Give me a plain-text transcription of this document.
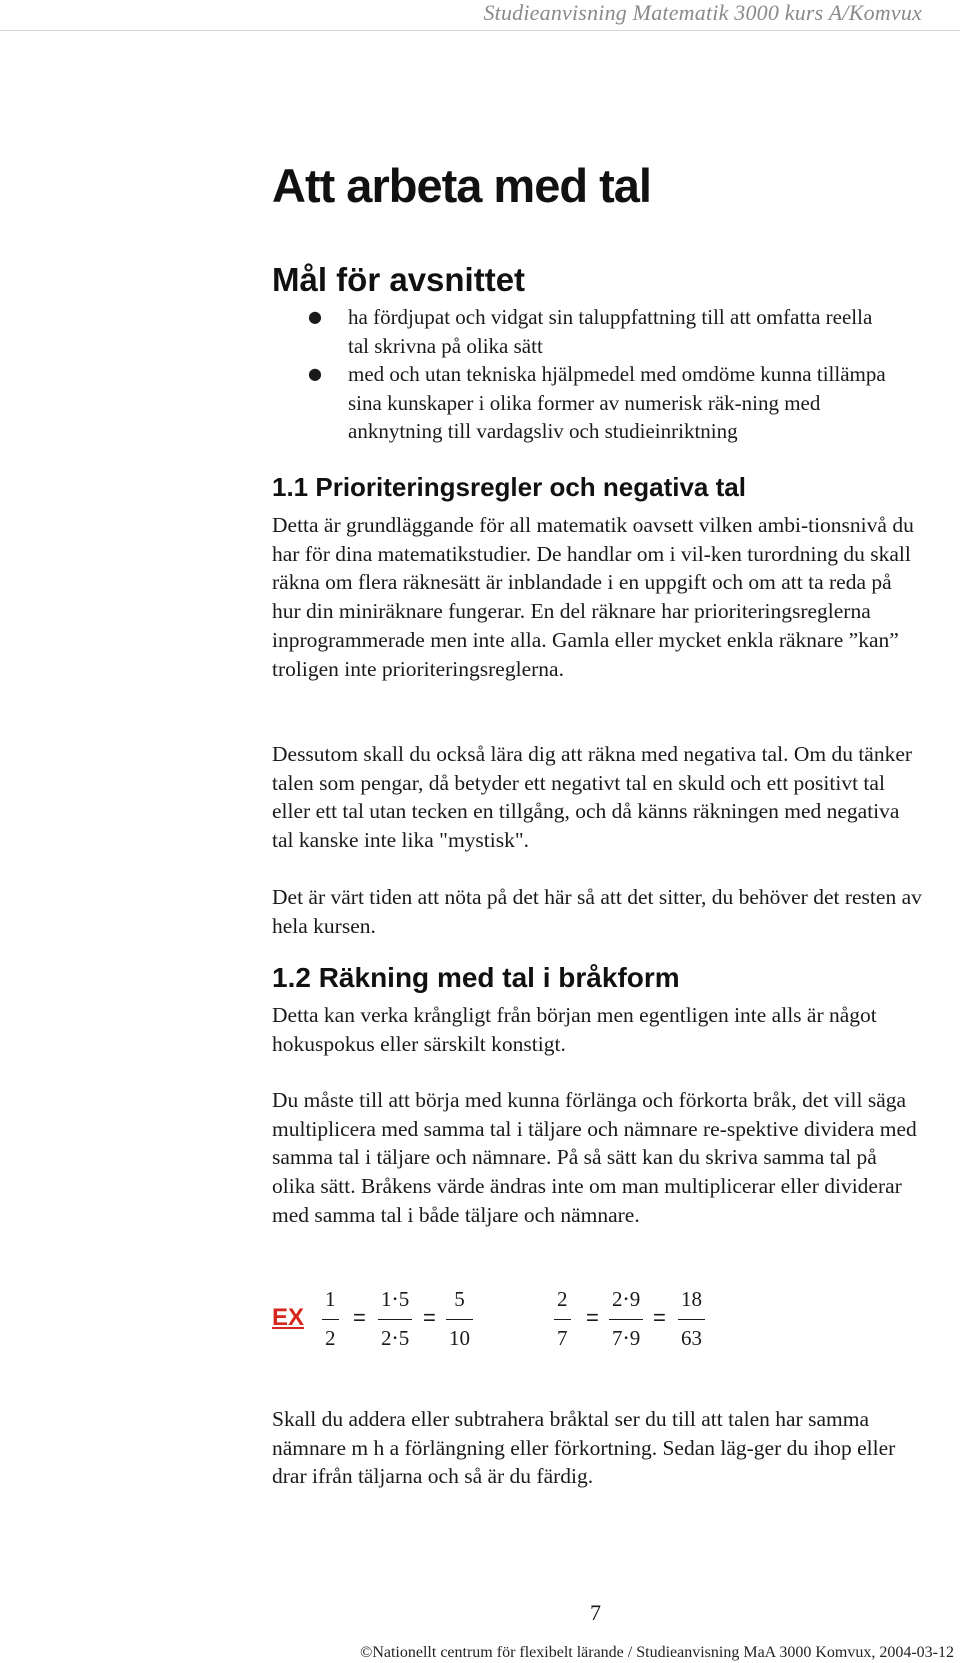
Studieanvisning Matematik 3000 kurs A/Komvux
Att arbeta med tal
Mål för avsnittet
● ha fördjupat och vidgat sin taluppfattning till att omfatta reella tal skrivna på olika sätt
● med och utan tekniska hjälpmedel med omdöme kunna tillämpa sina kunskaper i olika former av numerisk räk-ning med anknytning till vardagsliv och studieinriktning
1.1 Prioriteringsregler och negativa tal

Detta är grundläggande för all matematik oavsett vilken ambi-tionsnivå du har för dina matematikstudier. De handlar om i vil-ken turordning du skall räkna om flera räknesätt är inblandade i en uppgift och om att ta reda på hur din miniräknare fungerar. En del räknare har prioriteringsreglerna inprogrammerade men inte alla. Gamla eller mycket enkla räknare ”kan” troligen inte prioriteringsreglerna.

Dessutom skall du också lära dig att räkna med negativa tal. Om du tänker talen som pengar, då betyder ett negativt tal en skuld och ett positivt tal eller ett tal utan tecken en tillgång, och då känns räkningen med negativa tal kanske inte lika "mystisk".

Det är värt tiden att nöta på det här så att det sitter, du behöver det resten av hela kursen.

1.2 Räkning med tal i bråkform

Detta kan verka krångligt från början men egentligen inte alls är något hokuspokus eller särskilt konstigt.

Du måste till att börja med kunna förlänga och förkorta bråk, det vill säga multiplicera med samma tal i täljare och nämnare re-spektive dividera med samma tal i täljare och nämnare. På så sätt kan du skriva samma tal på olika sätt. Bråkens värde ändras inte om man multiplicerar eller dividerar med samma tal i både täljare och nämnare.

EX
1
2
=
1⋅5
2⋅5
=
5
10
2
7
=
2⋅9
7⋅9
=
18
63

Skall du addera eller subtrahera bråktal ser du till att talen har samma nämnare m h a förlängning eller förkortning. Sedan läg-ger du ihop eller drar ifrån täljarna och så är du färdig.

7
©Nationellt centrum för flexibelt lärande / Studieanvisning MaA 3000 Komvux, 2004-03-12
